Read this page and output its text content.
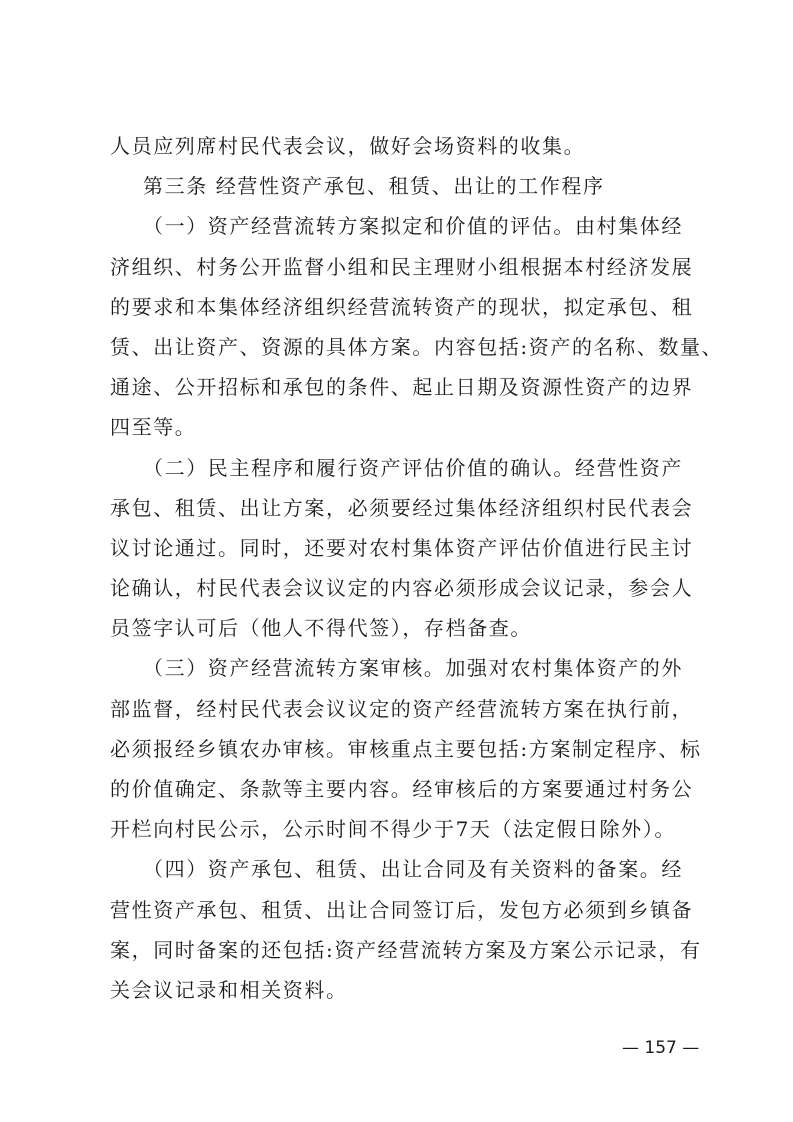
人员应列席村民代表会议，做好会场资料的收集。
第三条 经营性资产承包、租赁、出让的工作程序
（一）资产经营流转方案拟定和价值的评估。由村集体经
济组织、村务公开监督小组和民主理财小组根据本村经济发展
的要求和本集体经济组织经营流转资产的现状，拟定承包、租
赁、出让资产、资源的具体方案。内容包括:资产的名称、数量、
通途、公开招标和承包的条件、起止日期及资源性资产的边界
四至等。
（二）民主程序和履行资产评估价值的确认。经营性资产
承包、租赁、出让方案，必须要经过集体经济组织村民代表会
议讨论通过。同时，还要对农村集体资产评估价值进行民主讨
论确认，村民代表会议议定的内容必须形成会议记录，参会人
员签字认可后（他人不得代签），存档备查。
（三）资产经营流转方案审核。加强对农村集体资产的外
部监督，经村民代表会议议定的资产经营流转方案在执行前，
必须报经乡镇农办审核。审核重点主要包括:方案制定程序、标
的价值确定、条款等主要内容。经审核后的方案要通过村务公
开栏向村民公示，公示时间不得少于7天（法定假日除外）。
（四）资产承包、租赁、出让合同及有关资料的备案。经
营性资产承包、租赁、出让合同签订后，发包方必须到乡镇备
案，同时备案的还包括:资产经营流转方案及方案公示记录，有
关会议记录和相关资料。
— 157 —
